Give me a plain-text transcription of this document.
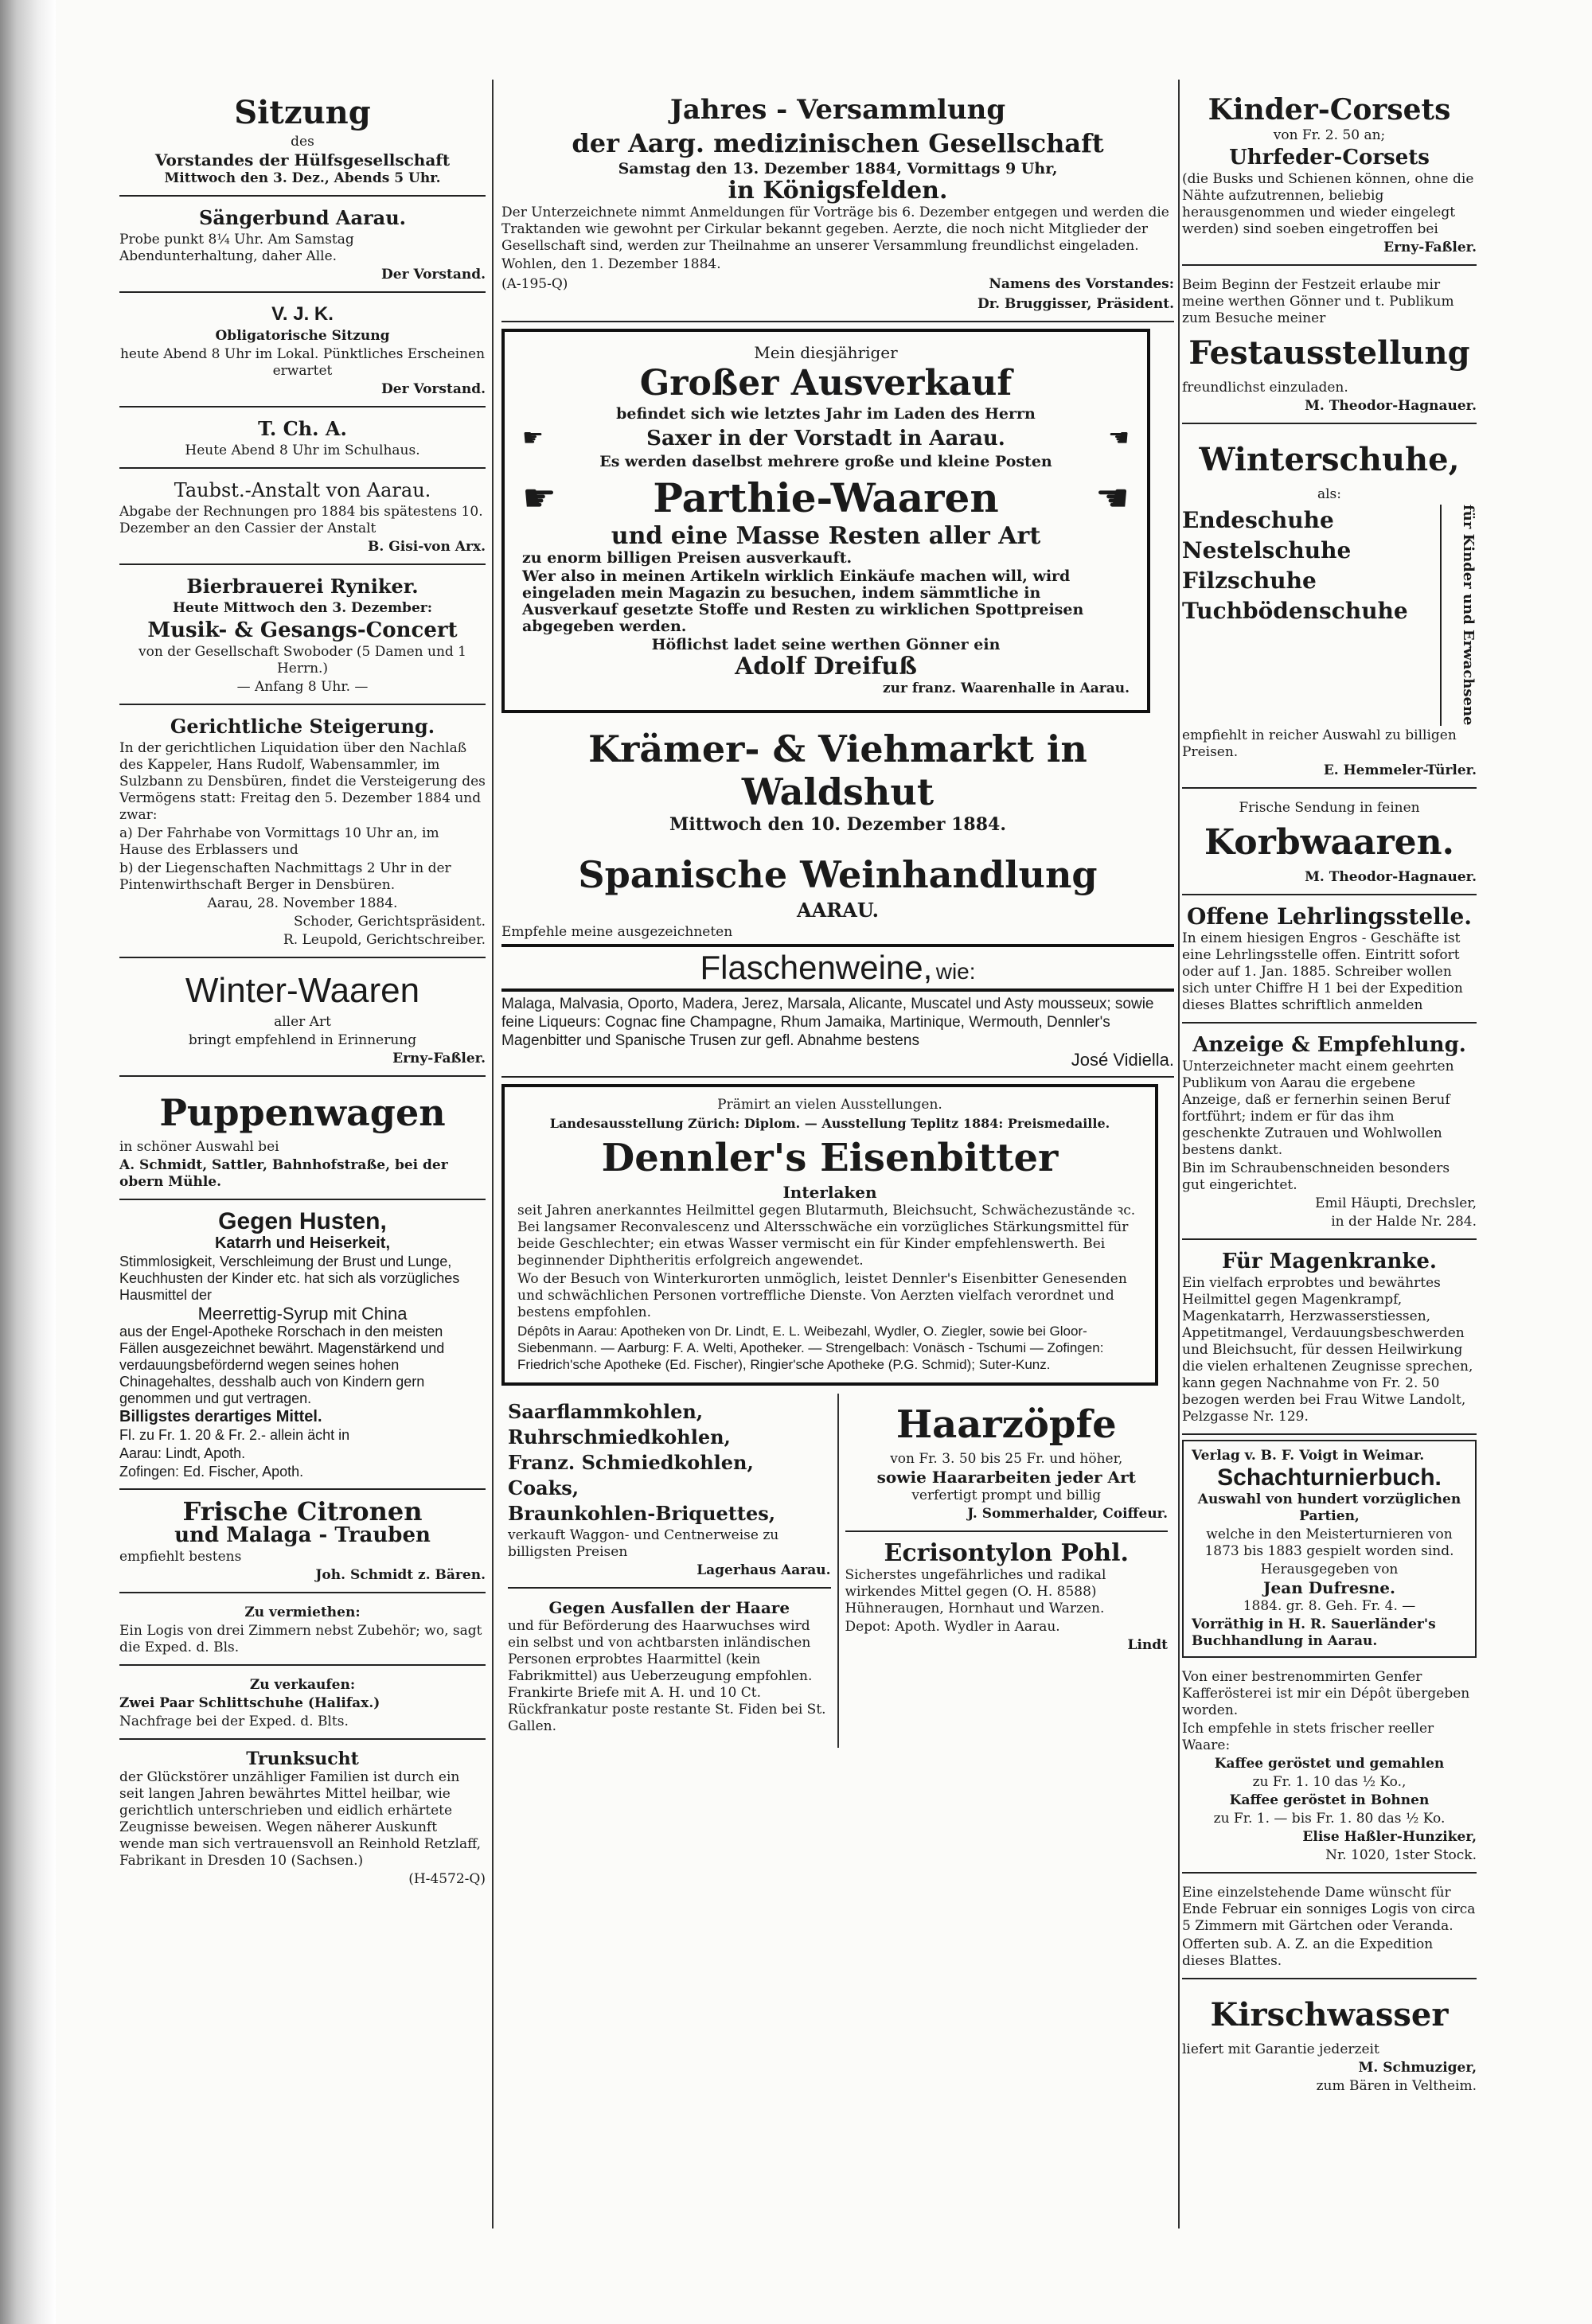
Sitzung

des

Vorstandes der Hülfsgesellschaft

Mittwoch den 3. Dez., Abends 5 Uhr.

Sängerbund Aarau.

Probe punkt 8¼ Uhr. Am Samstag Abendunterhaltung, daher Alle.

Der Vorstand.

V. J. K.

Obligatorische Sitzung

heute Abend 8 Uhr im Lokal. Pünktliches Erscheinen erwartet

Der Vorstand.

T. Ch. A.

Heute Abend 8 Uhr im Schulhaus.

Taubst.-Anstalt von Aarau.

Abgabe der Rechnungen pro 1884 bis spätestens 10. Dezember an den Cassier der Anstalt

B. Gisi-von Arx.

Bierbrauerei Ryniker.

Heute Mittwoch den 3. Dezember:

Musik- & Gesangs-Concert

von der Gesellschaft Swoboder (5 Damen und 1 Herrn.)

— Anfang 8 Uhr. —

Gerichtliche Steigerung.

In der gerichtlichen Liquidation über den Nachlaß des Kappeler, Hans Rudolf, Wabensammler, im Sulzbann zu Densbüren, findet die Versteigerung des Vermögens statt: Freitag den 5. Dezember 1884 und zwar:

a) Der Fahrhabe von Vormittags 10 Uhr an, im Hause des Erblassers und

b) der Liegenschaften Nachmittags 2 Uhr in der Pintenwirthschaft Berger in Densbüren.

Aarau, 28. November 1884.

Schoder, Gerichtspräsident.

R. Leupold, Gerichtschreiber.

Winter-Waaren

aller Art

bringt empfehlend in Erinnerung

Erny-Faßler.

Puppenwagen

in schöner Auswahl bei

A. Schmidt, Sattler, Bahnhofstraße, bei der obern Mühle.

Gegen Husten,

Katarrh und Heiserkeit,

Stimmlosigkeit, Verschleimung der Brust und Lunge, Keuchhusten der Kinder etc. hat sich als vorzügliches Hausmittel der

Meerrettig-Syrup mit China

aus der Engel-Apotheke Rorschach in den meisten Fällen ausgezeichnet bewährt. Magenstärkend und verdauungsbefördernd wegen seines hohen Chinagehaltes, desshalb auch von Kindern gern genommen und gut vertragen.

Billigstes derartiges Mittel.

Fl. zu Fr. 1. 20 & Fr. 2.- allein ächt in

Aarau: Lindt, Apoth.

Zofingen: Ed. Fischer, Apoth.

Frische Citronen
und Malaga - Trauben

empfiehlt bestens

Joh. Schmidt z. Bären.

Zu vermiethen:

Ein Logis von drei Zimmern nebst Zubehör; wo, sagt die Exped. d. Bls.

Zu verkaufen:

Zwei Paar Schlittschuhe (Halifax.)

Nachfrage bei der Exped. d. Blts.

Trunksucht

der Glückstörer unzähliger Familien ist durch ein seit langen Jahren bewährtes Mittel heilbar, wie gerichtlich unterschrieben und eidlich erhärtete Zeugnisse beweisen. Wegen näherer Auskunft wende man sich vertrauensvoll an Reinhold Retzlaff, Fabrikant in Dresden 10 (Sachsen.)

(H-4572-Q)

Jahres - Versammlung
der Aarg. medizinischen Gesellschaft

Samstag den 13. Dezember 1884, Vormittags 9 Uhr,

in Königsfelden.

Der Unterzeichnete nimmt Anmeldungen für Vorträge bis 6. Dezember entgegen und werden die Traktanden wie gewohnt per Cirkular bekannt gegeben. Aerzte, die noch nicht Mitglieder der Gesellschaft sind, werden zur Theilnahme an unserer Versammlung freundlichst eingeladen.

Wohlen, den 1. Dezember 1884.

(A-195-Q)	Namens des Vorstandes:

Dr. Bruggisser, Präsident.

Mein diesjähriger

Großer Ausverkauf

befindet sich wie letztes Jahr im Laden des Herrn

☛	Saxer in der Vorstadt in Aarau.	☚

Es werden daselbst mehrere große und kleine Posten

☛ Parthie-Waaren	☚
und eine Masse Resten aller Art

zu enorm billigen Preisen ausverkauft.

Wer also in meinen Artikeln wirklich Einkäufe machen will, wird eingeladen mein Magazin zu besuchen, indem sämmtliche in Ausverkauf gesetzte Stoffe und Resten zu wirklichen Spottpreisen abgegeben werden.

Höflichst ladet seine werthen Gönner ein

Adolf Dreifuß

zur franz. Waarenhalle in Aarau.

Krämer- & Viehmarkt in Waldshut

Mittwoch den 10. Dezember 1884.

Spanische Weinhandlung
AARAU.

Empfehle meine ausgezeichneten

Flaschenweine, wie:

Malaga, Malvasia, Oporto, Madera, Jerez, Marsala, Alicante, Muscatel und Asty mousseux; sowie feine Liqueurs: Cognac fine Champagne, Rhum Jamaika, Martinique, Wermouth, Dennler's Magenbitter und Spanische Trusen zur gefl. Abnahme bestens

José Vidiella.

Prämirt an vielen Ausstellungen.

Landesausstellung Zürich: Diplom. — Ausstellung Teplitz 1884: Preismedaille.

Dennler's Eisenbitter

Interlaken

seit Jahren anerkanntes Heilmittel gegen Blutarmuth, Bleichsucht, Schwächezustände ꝛc. Bei langsamer Reconvalescenz und Altersschwäche ein vorzügliches Stärkungsmittel für beide Geschlechter; ein etwas Wasser vermischt ein für Kinder empfehlenswerth. Bei beginnender Diphtheritis erfolgreich angewendet.

Wo der Besuch von Winterkurorten unmöglich, leistet Dennler's Eisenbitter Genesenden und schwächlichen Personen vortreffliche Dienste. Von Aerzten vielfach verordnet und bestens empfohlen.

Dépôts in Aarau: Apotheken von Dr. Lindt, E. L. Weibezahl, Wydler, O. Ziegler, sowie bei Gloor-Siebenmann. — Aarburg: F. A. Welti, Apotheker. — Strengelbach: Vonäsch - Tschumi — Zofingen: Friedrich'sche Apotheke (Ed. Fischer), Ringier'sche Apotheke (P.G. Schmid); Suter-Kunz.

Saarflammkohlen,

Ruhrschmiedkohlen,

Franz. Schmiedkohlen,

Coaks,

Braunkohlen-Briquettes,

verkauft Waggon- und Centnerweise zu billigsten Preisen

Lagerhaus Aarau.

Gegen Ausfallen der Haare

und für Beförderung des Haarwuchses wird ein selbst und von achtbarsten inländischen Personen erprobtes Haarmittel (kein Fabrikmittel) aus Ueberzeugung empfohlen. Frankirte Briefe mit A. H. und 10 Ct. Rückfrankatur poste restante St. Fiden bei St. Gallen.

Haarzöpfe

von Fr. 3. 50 bis 25 Fr. und höher,

sowie Haararbeiten jeder Art

verfertigt prompt und billig

J. Sommerhalder, Coiffeur.

Ecrisontylon Pohl.

Sicherstes ungefährliches und radikal wirkendes Mittel gegen (O. H. 8588) Hühneraugen, Hornhaut und Warzen.

Depot: Apoth. Wydler in Aarau.

Lindt

Kinder-Corsets

von Fr. 2. 50 an;

Uhrfeder-Corsets

(die Busks und Schienen können, ohne die Nähte aufzutrennen, beliebig herausgenommen und wieder eingelegt werden) sind soeben eingetroffen bei

Erny-Faßler.

Beim Beginn der Festzeit erlaube mir meine werthen Gönner und t. Publikum zum Besuche meiner

Festausstellung

freundlichst einzuladen.

M. Theodor-Hagnauer.

Winterschuhe,

als:

Endeschuhe

Nestelschuhe

Filzschuhe

Tuchbödenschuhe	für Kinder und Erwachsene

empfiehlt in reicher Auswahl zu billigen Preisen.

E. Hemmeler-Türler.

Frische Sendung in feinen

Korbwaaren.

M. Theodor-Hagnauer.

Offene Lehrlingsstelle.

In einem hiesigen Engros - Geschäfte ist eine Lehrlingsstelle offen. Eintritt sofort oder auf 1. Jan. 1885. Schreiber wollen sich unter Chiffre H 1 bei der Expedition dieses Blattes schriftlich anmelden

Anzeige & Empfehlung.

Unterzeichneter macht einem geehrten Publikum von Aarau die ergebene Anzeige, daß er fernerhin seinen Beruf fortführt; indem er für das ihm geschenkte Zutrauen und Wohlwollen bestens dankt.

Bin im Schraubenschneiden besonders gut eingerichtet.

Emil Häupti, Drechsler,

in der Halde Nr. 284.

Für Magenkranke.

Ein vielfach erprobtes und bewährtes Heilmittel gegen Magenkrampf, Magenkatarrh, Herzwasserstiessen, Appetitmangel, Verdauungsbeschwerden und Bleichsucht, für dessen Heilwirkung die vielen erhaltenen Zeugnisse sprechen, kann gegen Nachnahme von Fr. 2. 50 bezogen werden bei Frau Witwe Landolt, Pelzgasse Nr. 129.

Verlag v. B. F. Voigt in Weimar.

Schachturnierbuch.

Auswahl von hundert vorzüglichen Partien,

welche in den Meisterturnieren von 1873 bis 1883 gespielt worden sind.

Herausgegeben von

Jean Dufresne.

1884. gr. 8. Geh. Fr. 4. —

Vorräthig in H. R. Sauerländer's Buchhandlung in Aarau.

Von einer bestrenommirten Genfer Kafferösterei ist mir ein Dépôt übergeben worden.

Ich empfehle in stets frischer reeller Waare:

Kaffee geröstet und gemahlen

zu Fr. 1. 10 das ½ Ko.,

Kaffee geröstet in Bohnen

zu Fr. 1. — bis Fr. 1. 80 das ½ Ko.

Elise Haßler-Hunziker,

Nr. 1020, 1ster Stock.

Eine einzelstehende Dame wünscht für Ende Februar ein sonniges Logis von circa 5 Zimmern mit Gärtchen oder Veranda.

Offerten sub. A. Z. an die Expedition dieses Blattes.

Kirschwasser

liefert mit Garantie jederzeit

M. Schmuziger,

zum Bären in Veltheim.
